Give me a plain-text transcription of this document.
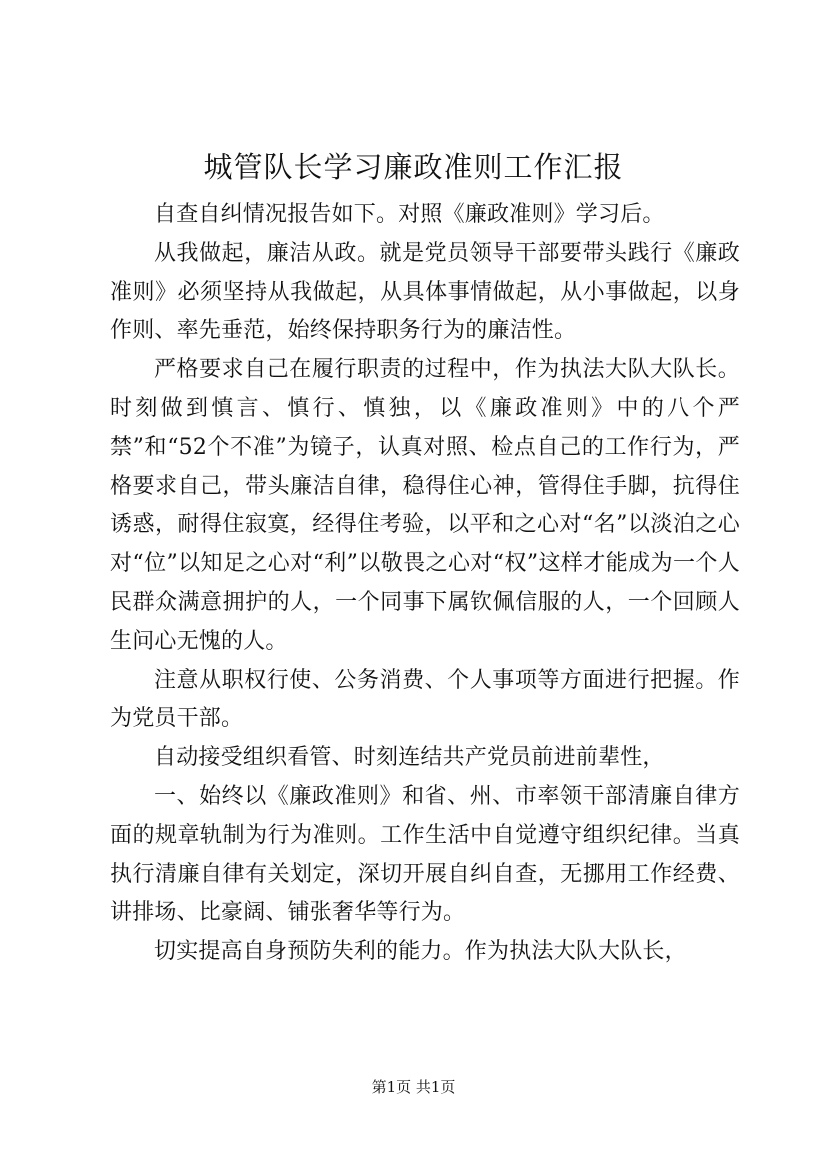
城管队长学习廉政准则工作汇报

自查自纠情况报告如下。对照《廉政准则》学习后。

从我做起，廉洁从政。就是党员领导干部要带头践行《廉政准则》必须坚持从我做起，从具体事情做起，从小事做起，以身作则、率先垂范，始终保持职务行为的廉洁性。

严格要求自己在履行职责的过程中，作为执法大队大队长。时刻做到慎言、慎行、慎独，以《廉政准则》中的八个严禁”和“52个不准”为镜子，认真对照、检点自己的工作行为，严格要求自己，带头廉洁自律，稳得住心神，管得住手脚，抗得住诱惑，耐得住寂寞，经得住考验，以平和之心对“名”以淡泊之心对“位”以知足之心对“利”以敬畏之心对“权”这样才能成为一个人民群众满意拥护的人，一个同事下属钦佩信服的人，一个回顾人生问心无愧的人。

注意从职权行使、公务消费、个人事项等方面进行把握。作为党员干部。

自动接受组织看管、时刻连结共产党员前进前辈性，

一、始终以《廉政准则》和省、州、市率领干部清廉自律方面的规章轨制为行为准则。工作生活中自觉遵守组织纪律。当真执行清廉自律有关划定，深切开展自纠自查，无挪用工作经费、讲排场、比豪阔、铺张奢华等行为。

切实提高自身预防失利的能力。作为执法大队大队长，

第1页 共1页
